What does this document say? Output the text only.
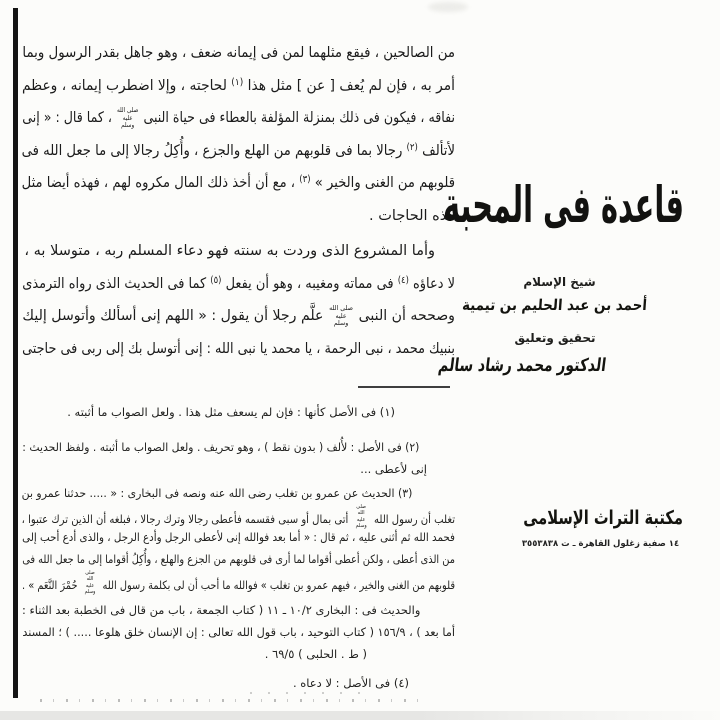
من الصالحين ، فيقع مثلهما لمن فى إيمانه ضعف ، وهو جاهل بقدر الرسول وبما
أمر به ، فإن لم يُعف [ عن ] مثل هذا $^{(١)}$ لحاجته ، وإلا اضطرب إيمانه ، وعظم
نفاقه ، فيكون فى ذلك بمنزلة المؤلفة بالعطاء فى حياة النبى صلى الله
عليه وسلم ، كما قال : « إنى
لأتألف $^{(٢)}$ رجالا بما فى قلوبهم من الهلع والجزع ، وأُكِلُ رجالا إلى ما جعل الله فى
قلوبهم من الغنى والخير » $^{(٣)}$ ، مع أن أخذ ذلك المال مكروه لهم ، فهذه أيضا مثل
هذه الحاجات .
وأما المشروع الذى وردت به سنته فهو دعاء المسلم ربه ، متوسلا به ،
لا دعاؤه $^{(٤)}$ فى مماته ومغيبه ، وهو أن يفعل $^{(٥)}$ كما فى الحديث الذى رواه الترمذى
وصححه أن النبى صلى الله
عليه وسلم علَّم رجلا أن يقول : « اللهم إنى أسألك وأتوسل إليك
بنبيك محمد ، نبى الرحمة ، يا محمد يا نبى الله : إنى أتوسل بك إلى ربى فى حاجتى
(١) فى الأصل كأنها : فإن لم يسعف مثل هذا . ولعل الصواب ما أثبته .
(٢) فى الأصل : لأُلف ( بدون نقط ) ، وهو تحريف . ولعل الصواب ما أثبته . ولفظ الحديث :
إنى لأعطى ...
(٣) الحديث عن عمرو بن تغلب رضى الله عنه ونصه فى البخارى : « ..... حدثنا عمرو بن
تغلب أن رسول الله صلى الله
عليه وسلم أتى بمال أو سبى فقسمه فأعطى رجالا وترك رجالا ، فبلغه أن الذين ترك عتبوا ،
فحمد الله ثم أثنى عليه ، ثم قال : « أما بعد فوالله إنى لأعطى الرجل وأدع الرجل ، والذى أدع أحب إلى
من الذى أعطى ، ولكن أعطى أقواما لما أرى فى قلوبهم من الجزع والهلع ، وأُكِلُ أقواما إلى ما جعل الله فى
قلوبهم من الغنى والخير ، فيهم عمرو بن تغلب » فوالله ما أحب أن لى بكلمة رسول الله صلى الله
عليه وسلم حُمْرَ النَّعَم » .
والحديث فى : البخارى ١٠/٢ ـ ١١ ( كتاب الجمعة ، باب من قال فى الخطبة بعد الثناء :
أما بعد ) ، ١٥٦/٩ ( كتاب التوحيد ، باب قول الله تعالى : إن الإنسان خلق هلوعا ..... ) ؛ المسند
( ط . الحلبى ) ٦٩/٥ .
(٤) فى الأصل : لا دعاه .
قاعدة فى المحبة
شيخ الإسلام
أحمد بن عبد الحليم بن تيمية
تحقيق وتعليق
الدكتور محمد رشاد سالم
مكتبة التراث الإسلامى
١٤ صفية زغلول القاهرة ـ ت ٣٥٥٣٨٣٨
